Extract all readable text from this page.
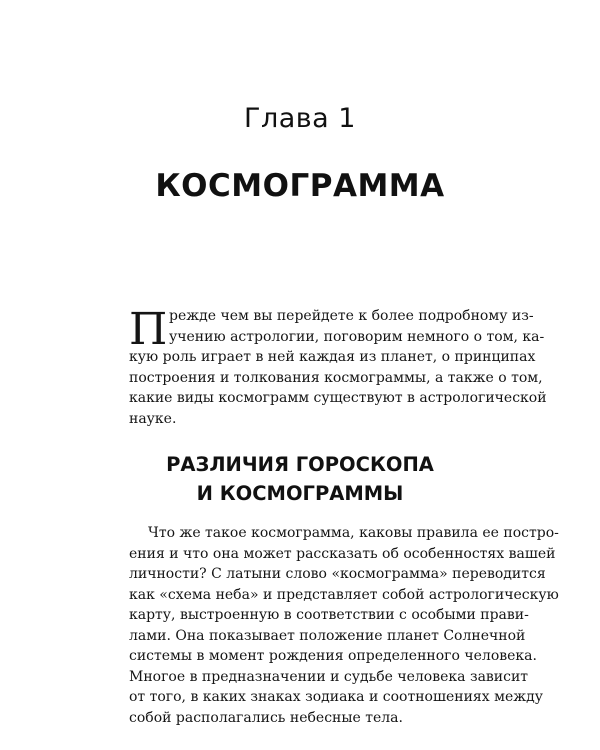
Глава 1
КОСМОГРАММА
П режде чем вы перейдете к более подробному из-
учению астрологии, поговорим немного о том, ка-
кую роль играет в ней каждая из планет, о принципах
построения и толкования космограммы, а также о том,
какие виды космограмм существуют в астрологической
науке.
РАЗЛИЧИЯ ГОРОСКОПА
И КОСМОГРАММЫ
Что же такое космограмма, каковы правила ее постро-
ения и что она может рассказать об особенностях вашей
личности? С латыни слово «космограмма» переводится
как «схема неба» и представляет собой астрологическую
карту, выстроенную в соответствии с особыми прави-
лами. Она показывает положение планет Солнечной
системы в момент рождения определенного человека.
Многое в предназначении и судьбе человека зависит
от того, в каких знаках зодиака и соотношениях между
собой располагались небесные тела.
